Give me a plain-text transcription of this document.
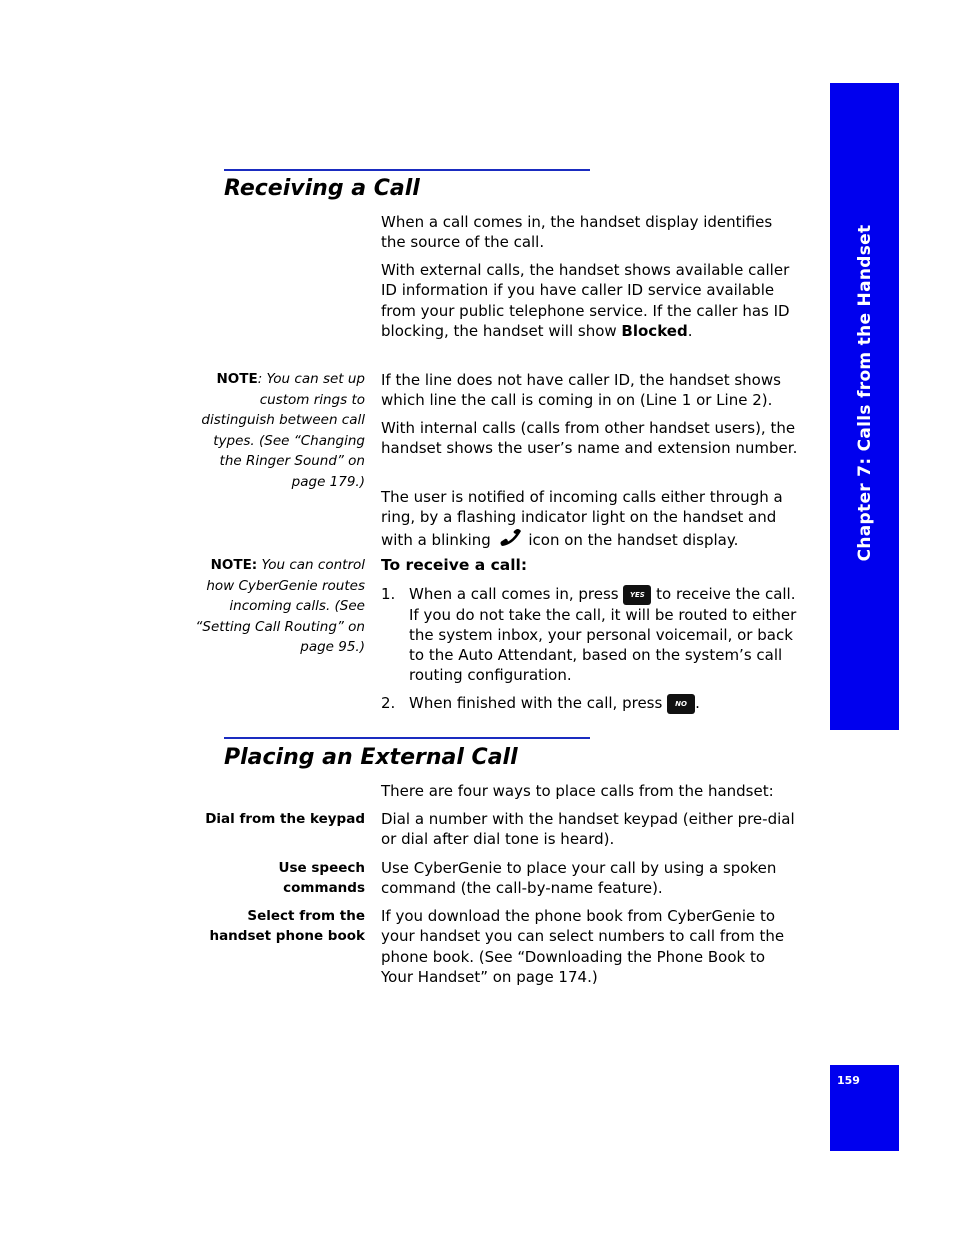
Chapter 7: Calls from the Handset
159
Receiving a Call

When a call comes in, the handset display identifies the source of the call.

With external calls, the handset shows available caller ID information if you have caller ID service available from your public telephone service. If the caller has ID blocking, the handset will show Blocked.

If the line does not have caller ID, the handset shows which line the call is coming in on (Line 1 or Line 2).

With internal calls (calls from other handset users), the handset shows the user’s name and extension number.

The user is notified of incoming calls either through a ring, by a flashing indicator light on the handset and with a blinking  icon on the handset display.

NOTE: You can set up custom rings to distinguish between call types. (See “Changing the Ringer Sound” on page 179.)
NOTE: You can control how CyberGenie routes incoming calls. (See “Setting Call Routing” on page 95.)
To receive a call:
1. When a call comes in, press YES to receive the call. If you do not take the call, it will be routed to either the system inbox, your personal voicemail, or back to the Auto Attendant, based on the system’s call routing configuration.
2. When finished with the call, press NO .
Placing an External Call

There are four ways to place calls from the handset:

Dial from the keypad Dial a number with the handset keypad (either pre-dial or dial after dial tone is heard).
Use speech commands
Use CyberGenie to place your call by using a spoken command (the call-by-name feature).
Select from the handset phone book
If you download the phone book from CyberGenie to your handset you can select numbers to call from the phone book. (See “Downloading the Phone Book to Your Handset” on page 174.)
